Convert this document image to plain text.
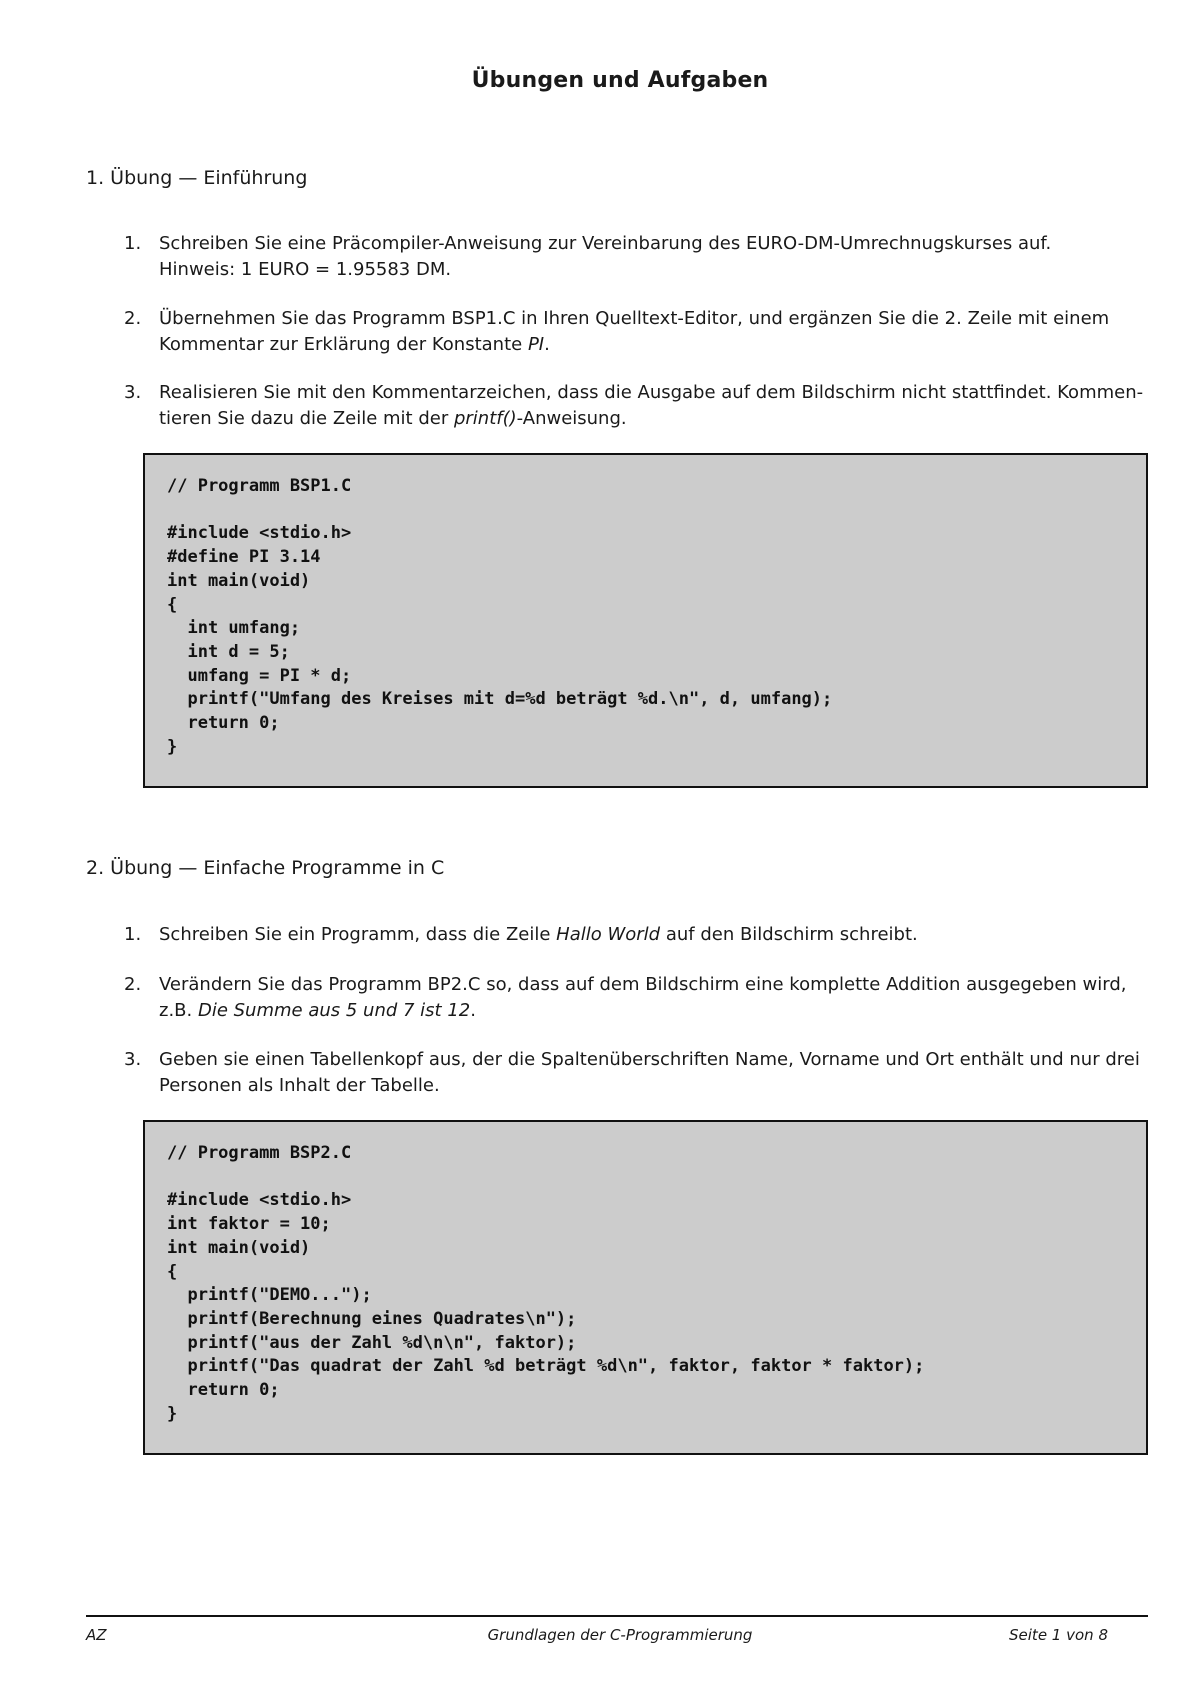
Übungen und Aufgaben
1. Übung — Einführung
1. Schreiben Sie eine Präcompiler-Anweisung zur Vereinbarung des EURO-DM-Umrechnugskurses auf.
Hinweis: 1 EURO = 1.95583 DM.
2. Übernehmen Sie das Programm BSP1.C in Ihren Quelltext-Editor, und ergänzen Sie die 2. Zeile mit einem Kommentar zur Erklärung der Konstante PI.
3. Realisieren Sie mit den Kommentarzeichen, dass die Ausgabe auf dem Bildschirm nicht stattfindet. Kommen-tieren Sie dazu die Zeile mit der printf()-Anweisung.
// Programm BSP1.C

#include <stdio.h>
#define PI 3.14
int main(void)
{
int umfang;
int d = 5;
umfang = PI * d;
printf("Umfang des Kreises mit d=%d beträgt %d.\n", d, umfang);
return 0;
}
2. Übung — Einfache Programme in C
1. Schreiben Sie ein Programm, dass die Zeile Hallo World auf den Bildschirm schreibt.
2. Verändern Sie das Programm BP2.C so, dass auf dem Bildschirm eine komplette Addition ausgegeben wird, z.B. Die Summe aus 5 und 7 ist 12.
3. Geben sie einen Tabellenkopf aus, der die Spaltenüberschriften Name, Vorname und Ort enthält und nur drei Personen als Inhalt der Tabelle.
// Programm BSP2.C

#include <stdio.h>
int faktor = 10;
int main(void)
{
printf("DEMO...");
printf(Berechnung eines Quadrates\n");
printf("aus der Zahl %d\n\n", faktor);
printf("Das quadrat der Zahl %d beträgt %d\n", faktor, faktor * faktor);
return 0;
}
AZ	Grundlagen der C-Programmierung	Seite 1 von 8
